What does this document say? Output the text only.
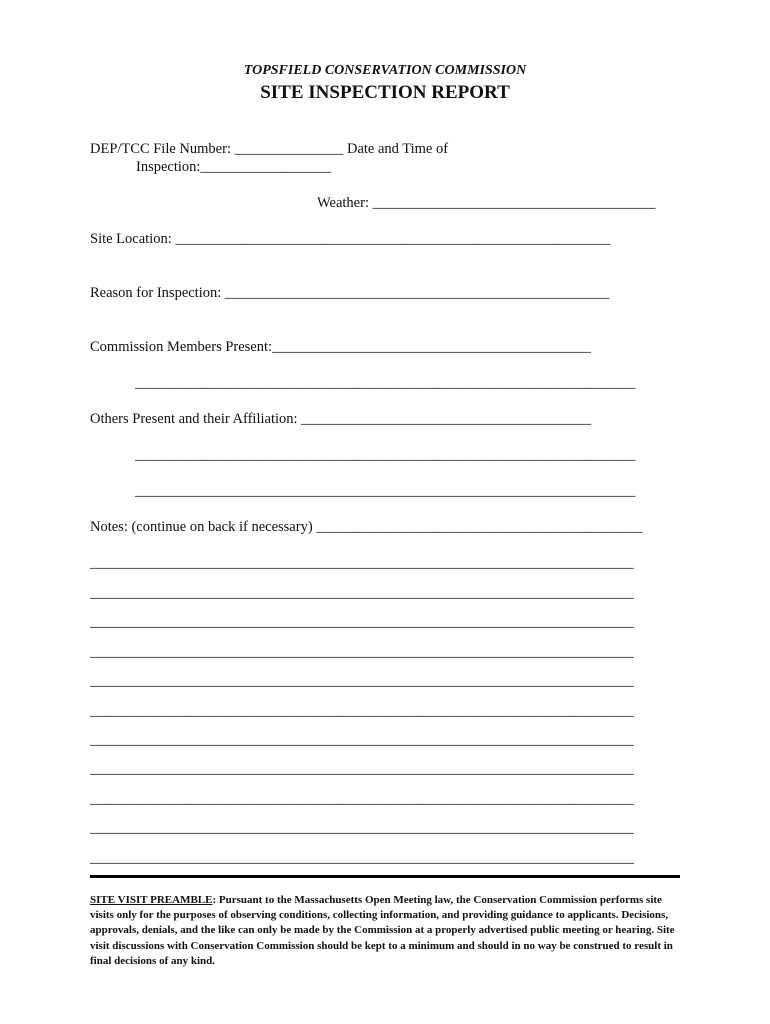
TOPSFIELD CONSERVATION COMMISSION
SITE INSPECTION REPORT
DEP/TCC File Number: _______________ Date and Time of
Inspection:__________________
Weather: _______________________________________
Site Location: ____________________________________________________________
Reason for Inspection: _____________________________________________________
Commission Members Present:____________________________________________
_____________________________________________________________________
Others Present and their Affiliation: ________________________________________
_____________________________________________________________________
_____________________________________________________________________
Notes: (continue on back if necessary) _____________________________________________
___________________________________________________________________________
___________________________________________________________________________
___________________________________________________________________________
___________________________________________________________________________
___________________________________________________________________________
___________________________________________________________________________
___________________________________________________________________________
___________________________________________________________________________
___________________________________________________________________________
___________________________________________________________________________
___________________________________________________________________________
SITE VISIT PREAMBLE: Pursuant to the Massachusetts Open Meeting law, the Conservation Commission performs site visits only for the purposes of observing conditions, collecting information, and providing guidance to applicants. Decisions, approvals, denials, and the like can only be made by the Commission at a properly advertised public meeting or hearing. Site visit discussions with Conservation Commission should be kept to a minimum and should in no way be construed to result in final decisions of any kind.
